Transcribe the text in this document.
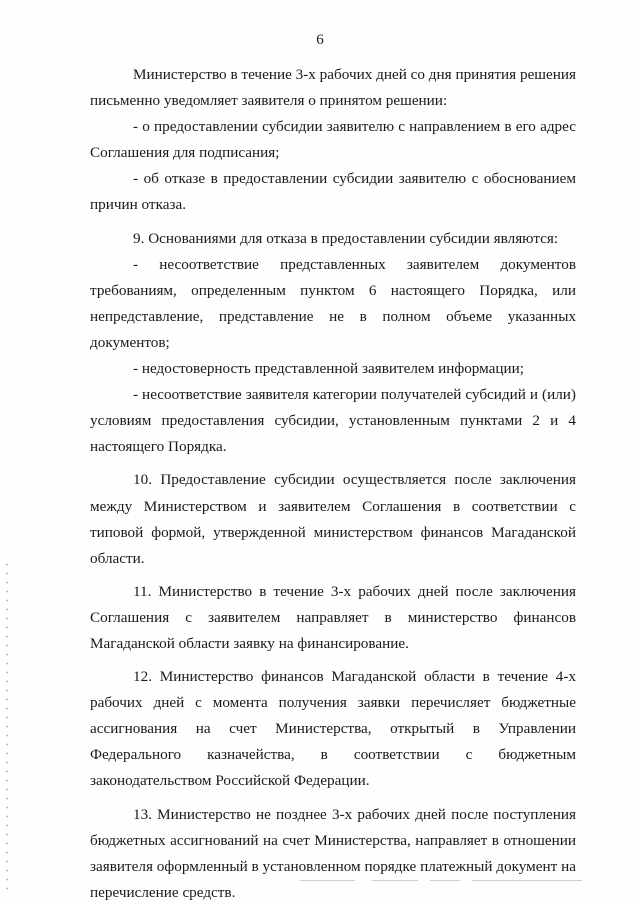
6

Министерство в течение 3-х рабочих дней со дня принятия решения письменно уведомляет заявителя о принятом решении:

- о предоставлении субсидии заявителю с направлением в его адрес Соглашения для подписания;

- об отказе в предоставлении субсидии заявителю с обоснованием причин отказа.

9. Основаниями для отказа в предоставлении субсидии являются:

- несоответствие представленных заявителем документов требованиям, определенным пунктом 6 настоящего Порядка, или непредставление, представление не в полном объеме указанных документов;

- недостоверность представленной заявителем информации;

- несоответствие заявителя категории получателей субсидий и (или) условиям предоставления субсидии, установленным пунктами 2 и 4 настоящего Порядка.

10. Предоставление субсидии осуществляется после заключения между Министерством и заявителем Соглашения в соответствии с типовой формой, утвержденной министерством финансов Магаданской области.

11. Министерство в течение 3-х рабочих дней после заключения Соглашения с заявителем направляет в министерство финансов Магаданской области заявку на финансирование.

12. Министерство финансов Магаданской области в течение 4-х рабочих дней с момента получения заявки перечисляет бюджетные ассигнования на счет Министерства, открытый в Управлении Федерального казначейства, в соответствии с бюджетным законодательством Российской Федерации.

13. Министерство не позднее 3-х рабочих дней после поступления бюджетных ассигнований на счет Министерства, направляет в отношении заявителя оформленный в установленном порядке платежный документ на перечисление средств.
